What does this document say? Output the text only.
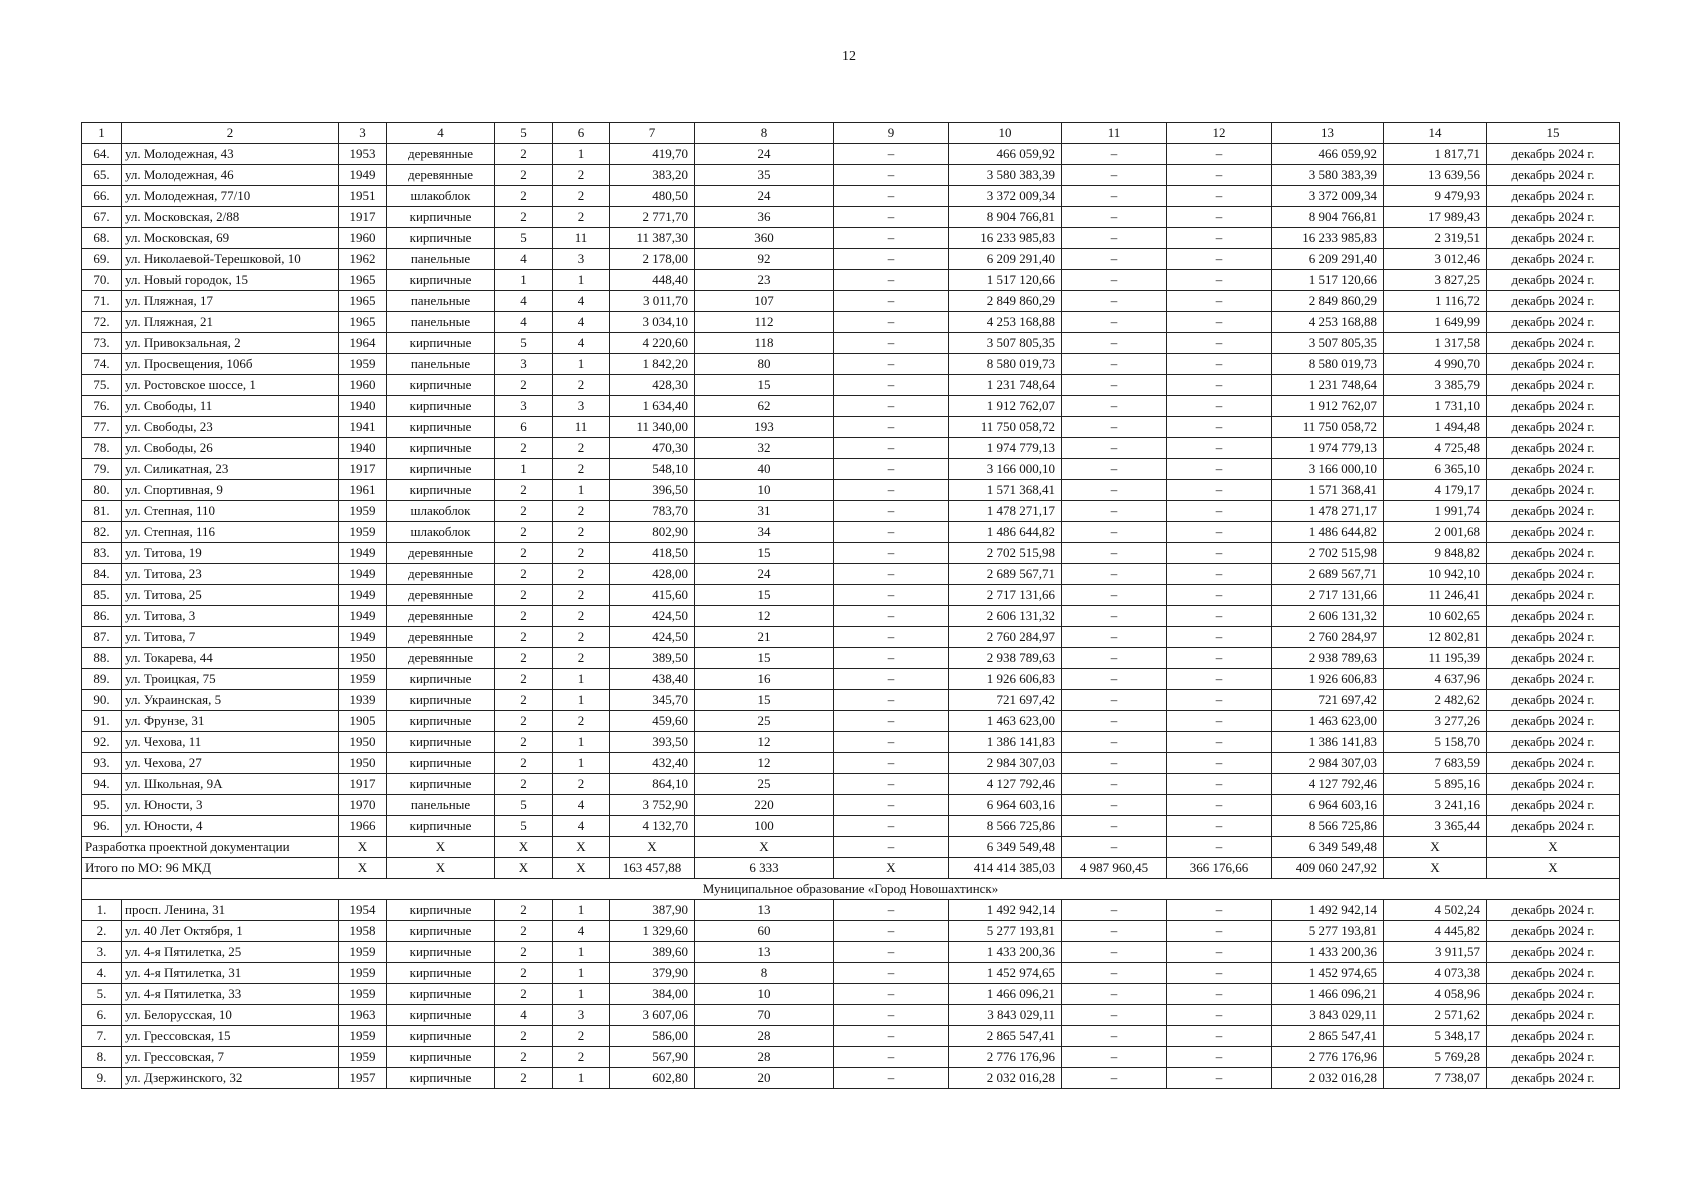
12
1	2	3	4	5	6	7	8	9	10	11	12	13	14	15
64.	ул. Молодежная, 43	1953	деревянные	2	1	419,70	24	–	466 059,92	–	–	466 059,92	1 817,71	декабрь 2024 г.
65.	ул. Молодежная, 46	1949	деревянные	2	2	383,20	35	–	3 580 383,39	–	–	3 580 383,39	13 639,56	декабрь 2024 г.
66.	ул. Молодежная, 77/10	1951	шлакоблок	2	2	480,50	24	–	3 372 009,34	–	–	3 372 009,34	9 479,93	декабрь 2024 г.
67.	ул. Московская, 2/88	1917	кирпичные	2	2	2 771,70	36	–	8 904 766,81	–	–	8 904 766,81	17 989,43	декабрь 2024 г.
68.	ул. Московская, 69	1960	кирпичные	5	11	11 387,30	360	–	16 233 985,83	–	–	16 233 985,83	2 319,51	декабрь 2024 г.
69.	ул. Николаевой-Терешковой, 10	1962	панельные	4	3	2 178,00	92	–	6 209 291,40	–	–	6 209 291,40	3 012,46	декабрь 2024 г.
70.	ул. Новый городок, 15	1965	кирпичные	1	1	448,40	23	–	1 517 120,66	–	–	1 517 120,66	3 827,25	декабрь 2024 г.
71.	ул. Пляжная, 17	1965	панельные	4	4	3 011,70	107	–	2 849 860,29	–	–	2 849 860,29	1 116,72	декабрь 2024 г.
72.	ул. Пляжная, 21	1965	панельные	4	4	3 034,10	112	–	4 253 168,88	–	–	4 253 168,88	1 649,99	декабрь 2024 г.
73.	ул. Привокзальная, 2	1964	кирпичные	5	4	4 220,60	118	–	3 507 805,35	–	–	3 507 805,35	1 317,58	декабрь 2024 г.
74.	ул. Просвещения, 106б	1959	панельные	3	1	1 842,20	80	–	8 580 019,73	–	–	8 580 019,73	4 990,70	декабрь 2024 г.
75.	ул. Ростовское шоссе, 1	1960	кирпичные	2	2	428,30	15	–	1 231 748,64	–	–	1 231 748,64	3 385,79	декабрь 2024 г.
76.	ул. Свободы, 11	1940	кирпичные	3	3	1 634,40	62	–	1 912 762,07	–	–	1 912 762,07	1 731,10	декабрь 2024 г.
77.	ул. Свободы, 23	1941	кирпичные	6	11	11 340,00	193	–	11 750 058,72	–	–	11 750 058,72	1 494,48	декабрь 2024 г.
78.	ул. Свободы, 26	1940	кирпичные	2	2	470,30	32	–	1 974 779,13	–	–	1 974 779,13	4 725,48	декабрь 2024 г.
79.	ул. Силикатная, 23	1917	кирпичные	1	2	548,10	40	–	3 166 000,10	–	–	3 166 000,10	6 365,10	декабрь 2024 г.
80.	ул. Спортивная, 9	1961	кирпичные	2	1	396,50	10	–	1 571 368,41	–	–	1 571 368,41	4 179,17	декабрь 2024 г.
81.	ул. Степная, 110	1959	шлакоблок	2	2	783,70	31	–	1 478 271,17	–	–	1 478 271,17	1 991,74	декабрь 2024 г.
82.	ул. Степная, 116	1959	шлакоблок	2	2	802,90	34	–	1 486 644,82	–	–	1 486 644,82	2 001,68	декабрь 2024 г.
83.	ул. Титова, 19	1949	деревянные	2	2	418,50	15	–	2 702 515,98	–	–	2 702 515,98	9 848,82	декабрь 2024 г.
84.	ул. Титова, 23	1949	деревянные	2	2	428,00	24	–	2 689 567,71	–	–	2 689 567,71	10 942,10	декабрь 2024 г.
85.	ул. Титова, 25	1949	деревянные	2	2	415,60	15	–	2 717 131,66	–	–	2 717 131,66	11 246,41	декабрь 2024 г.
86.	ул. Титова, 3	1949	деревянные	2	2	424,50	12	–	2 606 131,32	–	–	2 606 131,32	10 602,65	декабрь 2024 г.
87.	ул. Титова, 7	1949	деревянные	2	2	424,50	21	–	2 760 284,97	–	–	2 760 284,97	12 802,81	декабрь 2024 г.
88.	ул. Токарева, 44	1950	деревянные	2	2	389,50	15	–	2 938 789,63	–	–	2 938 789,63	11 195,39	декабрь 2024 г.
89.	ул. Троицкая, 75	1959	кирпичные	2	1	438,40	16	–	1 926 606,83	–	–	1 926 606,83	4 637,96	декабрь 2024 г.
90.	ул. Украинская, 5	1939	кирпичные	2	1	345,70	15	–	721 697,42	–	–	721 697,42	2 482,62	декабрь 2024 г.
91.	ул. Фрунзе, 31	1905	кирпичные	2	2	459,60	25	–	1 463 623,00	–	–	1 463 623,00	3 277,26	декабрь 2024 г.
92.	ул. Чехова, 11	1950	кирпичные	2	1	393,50	12	–	1 386 141,83	–	–	1 386 141,83	5 158,70	декабрь 2024 г.
93.	ул. Чехова, 27	1950	кирпичные	2	1	432,40	12	–	2 984 307,03	–	–	2 984 307,03	7 683,59	декабрь 2024 г.
94.	ул. Школьная, 9А	1917	кирпичные	2	2	864,10	25	–	4 127 792,46	–	–	4 127 792,46	5 895,16	декабрь 2024 г.
95.	ул. Юности, 3	1970	панельные	5	4	3 752,90	220	–	6 964 603,16	–	–	6 964 603,16	3 241,16	декабрь 2024 г.
96.	ул. Юности, 4	1966	кирпичные	5	4	4 132,70	100	–	8 566 725,86	–	–	8 566 725,86	3 365,44	декабрь 2024 г.
Разработка проектной документации		X	X	X	X	X	X	–	6 349 549,48	–	–	6 349 549,48	X	X
Итого по МО: 96 МКД		X	X	X	X	163 457,88	6 333	X	414 414 385,03	4 987 960,45	366 176,66	409 060 247,92	X	X
Муниципальное образование «Город Новошахтинск»														
1.	просп. Ленина, 31	1954	кирпичные	2	1	387,90	13	–	1 492 942,14	–	–	1 492 942,14	4 502,24	декабрь 2024 г.
2.	ул. 40 Лет Октября, 1	1958	кирпичные	2	4	1 329,60	60	–	5 277 193,81	–	–	5 277 193,81	4 445,82	декабрь 2024 г.
3.	ул. 4-я Пятилетка, 25	1959	кирпичные	2	1	389,60	13	–	1 433 200,36	–	–	1 433 200,36	3 911,57	декабрь 2024 г.
4.	ул. 4-я Пятилетка, 31	1959	кирпичные	2	1	379,90	8	–	1 452 974,65	–	–	1 452 974,65	4 073,38	декабрь 2024 г.
5.	ул. 4-я Пятилетка, 33	1959	кирпичные	2	1	384,00	10	–	1 466 096,21	–	–	1 466 096,21	4 058,96	декабрь 2024 г.
6.	ул. Белорусская, 10	1963	кирпичные	4	3	3 607,06	70	–	3 843 029,11	–	–	3 843 029,11	2 571,62	декабрь 2024 г.
7.	ул. Грессовская, 15	1959	кирпичные	2	2	586,00	28	–	2 865 547,41	–	–	2 865 547,41	5 348,17	декабрь 2024 г.
8.	ул. Грессовская, 7	1959	кирпичные	2	2	567,90	28	–	2 776 176,96	–	–	2 776 176,96	5 769,28	декабрь 2024 г.
9.	ул. Дзержинского, 32	1957	кирпичные	2	1	602,80	20	–	2 032 016,28	–	–	2 032 016,28	7 738,07	декабрь 2024 г.
